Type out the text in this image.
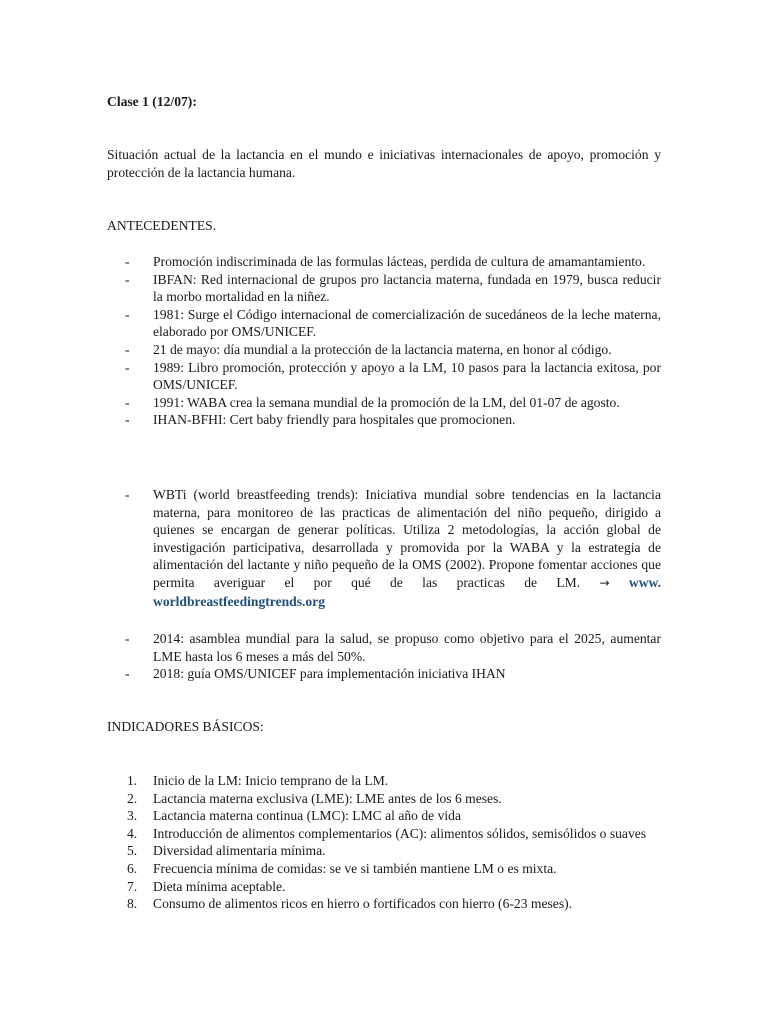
Clase 1 (12/07):
Situación actual de la lactancia en el mundo e iniciativas internacionales de apoyo, promoción y protección de la lactancia humana.
ANTECEDENTES.
- Promoción indiscriminada de las formulas lácteas, perdida de cultura de amamantamiento.
- IBFAN: Red internacional de grupos pro lactancia materna, fundada en 1979, busca reducir la morbo mortalidad en la niñez.
- 1981: Surge el Código internacional de comercialización de sucedáneos de la leche materna, elaborado por OMS/UNICEF.
- 21 de mayo: día mundial a la protección de la lactancia materna, en honor al código.
- 1989: Libro promoción, protección y apoyo a la LM, 10 pasos para la lactancia exitosa, por OMS/UNICEF.
- 1991: WABA crea la semana mundial de la promoción de la LM, del 01-07 de agosto.
- IHAN-BFHI: Cert baby friendly para hospitales que promocionen.
- WBTi (world breastfeeding trends): Iniciativa mundial sobre tendencias en la lactancia materna, para monitoreo de las practicas de alimentación del niño pequeño, dirigido a quienes se encargan de generar políticas. Utiliza 2 metodologías, la acción global de investigación participativa, desarrollada y promovida por la WABA y la estrategia de alimentación del lactante y niño pequeño de la OMS (2002). Propone fomentar acciones que permita averiguar el por qué de las practicas de LM. → www. worldbreastfeedingtrends.org
- 2014: asamblea mundial para la salud, se propuso como objetivo para el 2025, aumentar LME hasta los 6 meses a más del 50%.
- 2018: guía OMS/UNICEF para implementación iniciativa IHAN
INDICADORES BÁSICOS:
1. Inicio de la LM: Inicio temprano de la LM.
2. Lactancia materna exclusiva (LME): LME antes de los 6 meses.
3. Lactancia materna continua (LMC): LMC al año de vida
4. Introducción de alimentos complementarios (AC): alimentos sólidos, semisólidos o suaves
5. Diversidad alimentaria mínima.
6. Frecuencia mínima de comidas: se ve si también mantiene LM o es mixta.
7. Dieta mínima aceptable.
8. Consumo de alimentos ricos en hierro o fortificados con hierro (6-23 meses).
